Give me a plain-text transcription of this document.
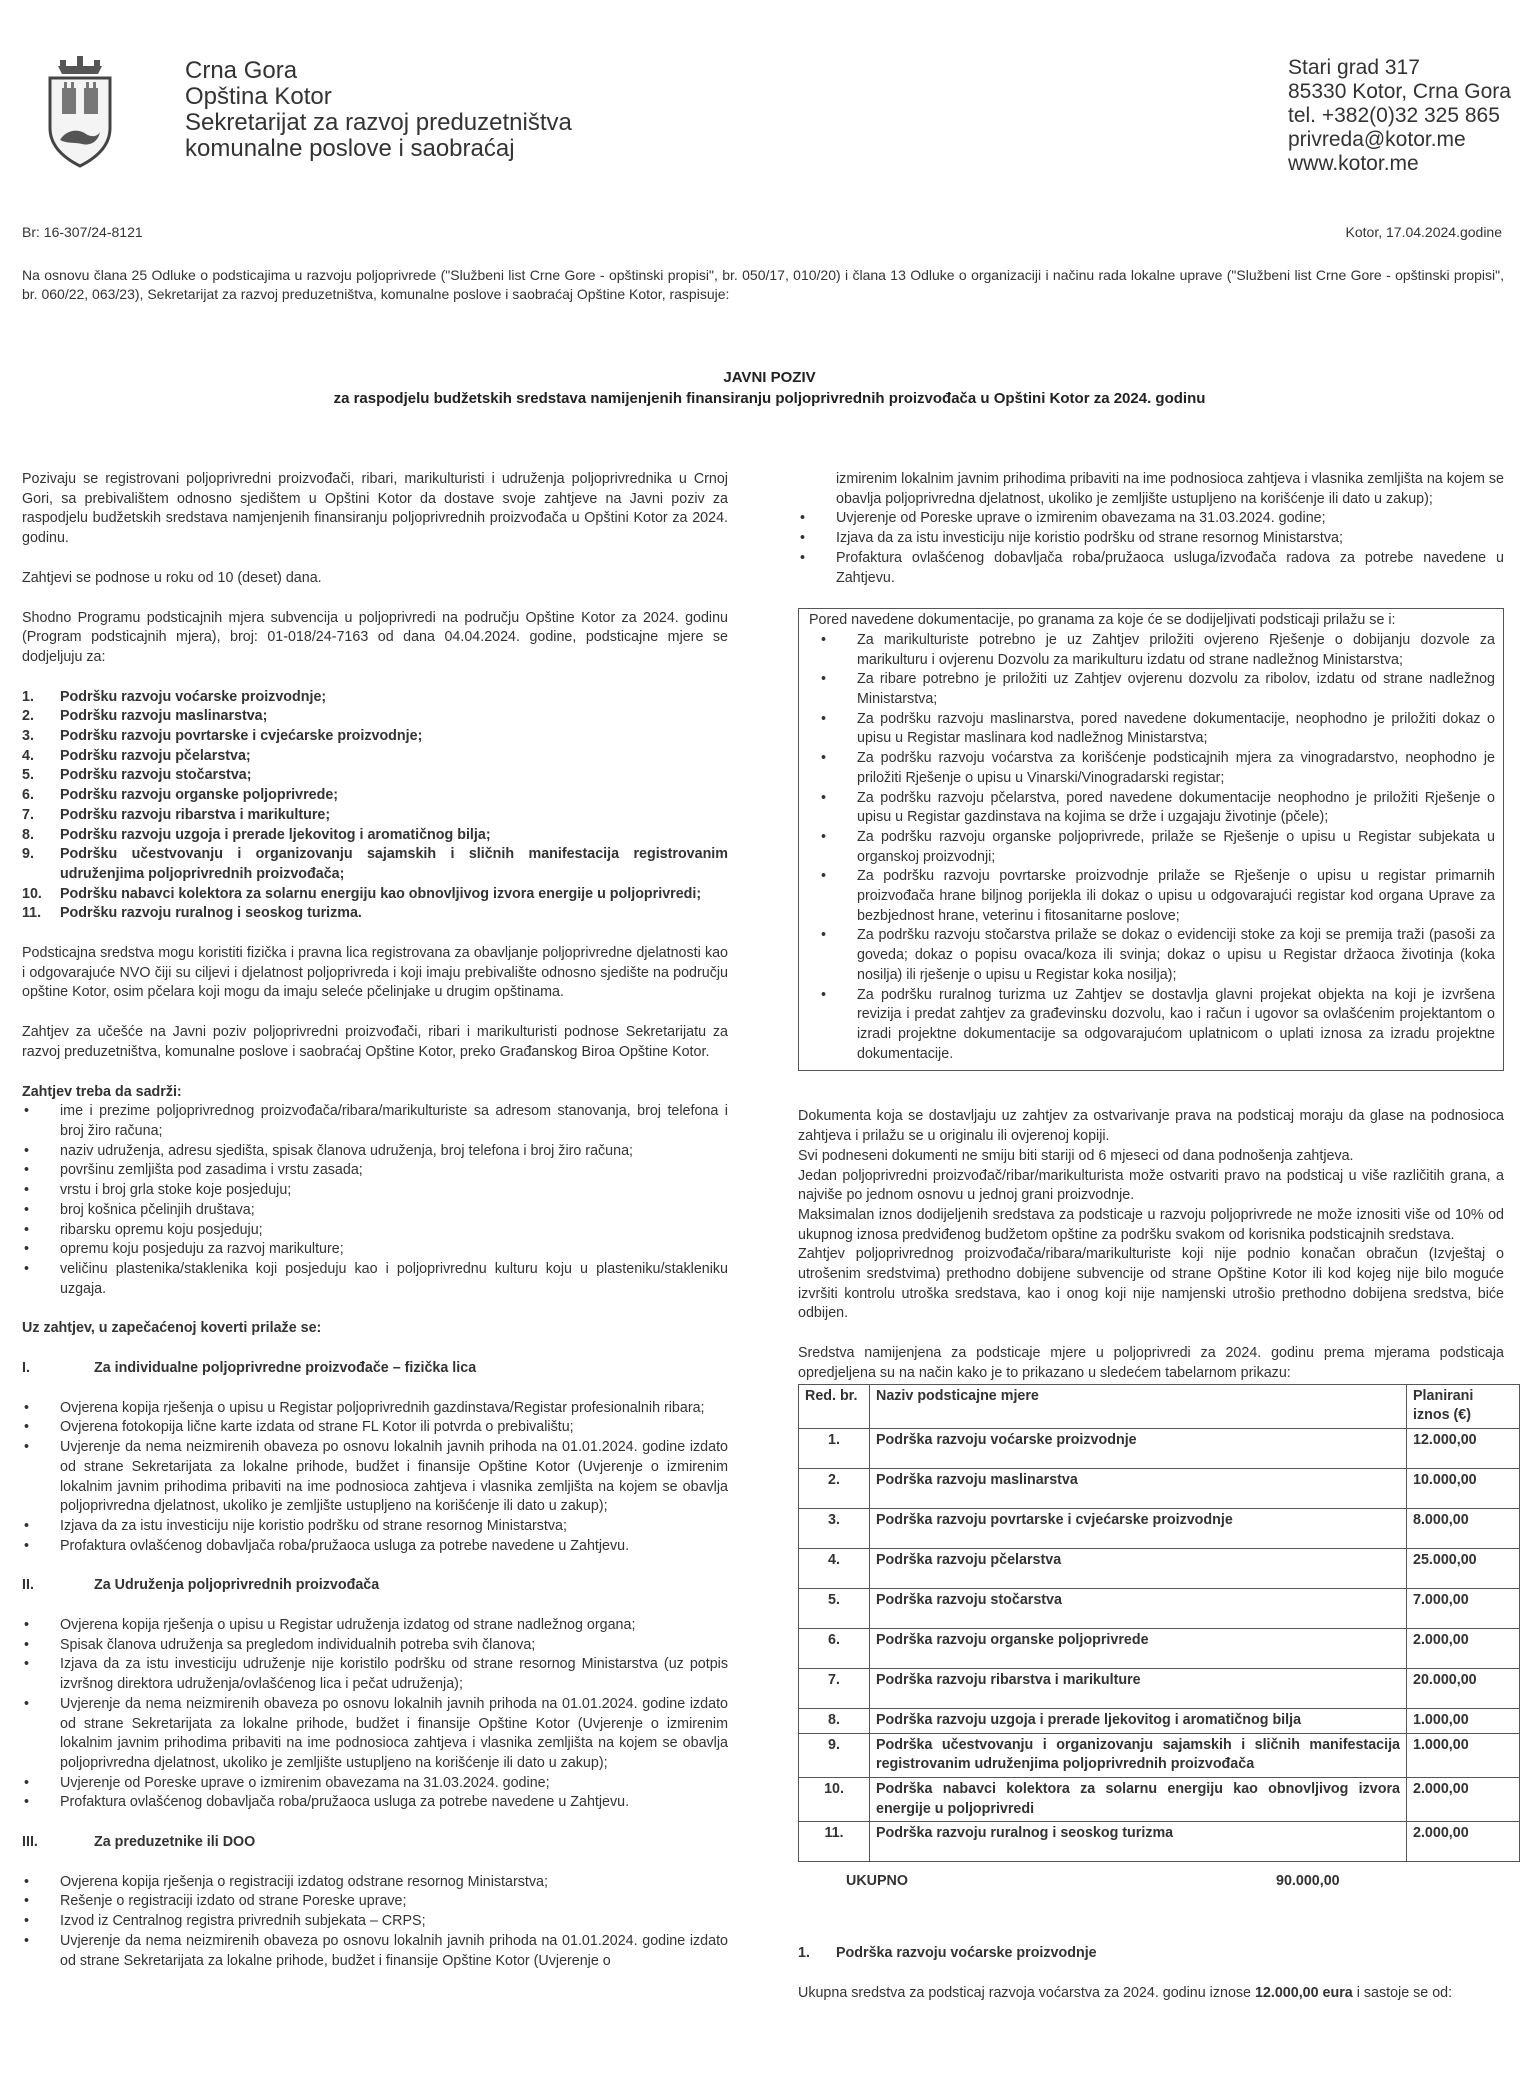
Crna Gora
Opština Kotor
Sekretarijat za razvoj preduzetništva
komunalne poslove i saobraćaj
Stari grad 317
85330 Kotor, Crna Gora
tel. +382(0)32 325 865
privreda@kotor.me
www.kotor.me
Br: 16-307/24-8121	Kotor, 17.04.2024.godine
Na osnovu člana 25 Odluke o podsticajima u razvoju poljoprivrede ("Službeni list Crne Gore - opštinski propisi", br. 050/17, 010/20) i člana 13 Odluke o organizaciji i načinu rada lokalne uprave ("Službeni list Crne Gore - opštinski propisi", br. 060/22, 063/23), Sekretarijat za razvoj preduzetništva, komunalne poslove i saobraćaj Opštine Kotor, raspisuje:
JAVNI POZIV
za raspodjelu budžetskih sredstava namijenjenih finansiranju poljoprivrednih proizvođača u Opštini Kotor za 2024. godinu

Pozivaju se registrovani poljoprivredni proizvođači, ribari, marikulturisti i udruženja poljoprivrednika u Crnoj Gori, sa prebivalištem odnosno sjedištem u Opštini Kotor da dostave svoje zahtjeve na Javni poziv za raspodjelu budžetskih sredstava namjenjenih finansiranju poljoprivrednih proizvođača u Opštini Kotor za 2024. godinu.

Zahtjevi se podnose u roku od 10 (deset) dana.

Shodno Programu podsticajnih mjera subvencija u poljoprivredi na području Opštine Kotor za 2024. godinu (Program podsticajnih mjera), broj: 01-018/24-7163 od dana 04.04.2024. godine, podsticajne mjere se dodjeljuju za:

1. Podršku razvoju voćarske proizvodnje;
2. Podršku razvoju maslinarstva;
3. Podršku razvoju povrtarske i cvjećarske proizvodnje;
4. Podršku razvoju pčelarstva;
5. Podršku razvoju stočarstva;
6. Podršku razvoju organske poljoprivrede;
7. Podršku razvoju ribarstva i marikulture;
8. Podršku razvoju uzgoja i prerade ljekovitog i aromatičnog bilja;
9. Podršku učestvovanju i organizovanju sajamskih i sličnih manifestacija registrovanim udruženjima poljoprivrednih proizvođača;
10. Podršku nabavci kolektora za solarnu energiju kao obnovljivog izvora energije u poljoprivredi;
11. Podršku razvoju ruralnog i seoskog turizma.

Podsticajna sredstva mogu koristiti fizička i pravna lica registrovana za obavljanje poljoprivredne djelatnosti kao i odgovarajuće NVO čiji su ciljevi i djelatnost poljoprivreda i koji imaju prebivalište odnosno sjedište na području opštine Kotor, osim pčelara koji mogu da imaju seleće pčelinjake u drugim opštinama.

Zahtjev za učešće na Javni poziv poljoprivredni proizvođači, ribari i marikulturisti podnose Sekretarijatu za razvoj preduzetništva, komunalne poslove i saobraćaj Opštine Kotor, preko Građanskog Biroa Opštine Kotor.

Zahtjev treba da sadrži:

• ime i prezime poljoprivrednog proizvođača/ribara/marikulturiste sa adresom stanovanja, broj telefona i broj žiro računa;
• naziv udruženja, adresu sjedišta, spisak članova udruženja, broj telefona i broj žiro računa;
• površinu zemljišta pod zasadima i vrstu zasada;
• vrstu i broj grla stoke koje posjeduju;
• broj košnica pčelinjih društava;
• ribarsku opremu koju posjeduju;
• opremu koju posjeduju za razvoj marikulture;
• veličinu plastenika/staklenika koji posjeduju kao i poljoprivrednu kulturu koju u plasteniku/stakleniku uzgaja.

Uz zahtjev, u zapečaćenoj koverti prilaže se:

I.	Za individualne poljoprivredne proizvođače – fizička lica
• Ovjerena kopija rješenja o upisu u Registar poljoprivrednih gazdinstava/Registar profesionalnih ribara;
• Ovjerena fotokopija lične karte izdata od strane FL Kotor ili potvrda o prebivalištu;
• Uvjerenje da nema neizmirenih obaveza po osnovu lokalnih javnih prihoda na 01.01.2024. godine izdato od strane Sekretarijata za lokalne prihode, budžet i finansije Opštine Kotor (Uvjerenje o izmirenim lokalnim javnim prihodima pribaviti na ime podnosioca zahtjeva i vlasnika zemljišta na kojem se obavlja poljoprivredna djelatnost, ukoliko je zemljište ustupljeno na korišćenje ili dato u zakup);
• Izjava da za istu investiciju nije koristio podršku od strane resornog Ministarstva;
• Profaktura ovlašćenog dobavljača roba/pružaoca usluga za potrebe navedene u Zahtjevu.
II.	Za Udruženja poljoprivrednih proizvođača
• Ovjerena kopija rješenja o upisu u Registar udruženja izdatog od strane nadležnog organa;
• Spisak članova udruženja sa pregledom individualnih potreba svih članova;
• Izjava da za istu investiciju udruženje nije koristilo podršku od strane resornog Ministarstva (uz potpis izvršnog direktora udruženja/ovlašćenog lica i pečat udruženja);
• Uvjerenje da nema neizmirenih obaveza po osnovu lokalnih javnih prihoda na 01.01.2024. godine izdato od strane Sekretarijata za lokalne prihode, budžet i finansije Opštine Kotor (Uvjerenje o izmirenim lokalnim javnim prihodima pribaviti na ime podnosioca zahtjeva i vlasnika zemljišta na kojem se obavlja poljoprivredna djelatnost, ukoliko je zemljište ustupljeno na korišćenje ili dato u zakup);
• Uvjerenje od Poreske uprave o izmirenim obavezama na 31.03.2024. godine;
• Profaktura ovlašćenog dobavljača roba/pružaoca usluga za potrebe navedene u Zahtjevu.
III.	Za preduzetnike ili DOO
• Ovjerena kopija rješenja o registraciji izdatog odstrane resornog Ministarstva;
• Rešenje o registraciji izdato od strane Poreske uprave;
• Izvod iz Centralnog registra privrednih subjekata – CRPS;
• Uvjerenje da nema neizmirenih obaveza po osnovu lokalnih javnih prihoda na 01.01.2024. godine izdato od strane Sekretarijata za lokalne prihode, budžet i finansije Opštine Kotor (Uvjerenje o

izmirenim lokalnim javnim prihodima pribaviti na ime podnosioca zahtjeva i vlasnika zemljišta na kojem se obavlja poljoprivredna djelatnost, ukoliko je zemljište ustupljeno na korišćenje ili dato u zakup);

• Uvjerenje od Poreske uprave o izmirenim obavezama na 31.03.2024. godine;
• Izjava da za istu investiciju nije koristio podršku od strane resornog Ministarstva;
• Profaktura ovlašćenog dobavljača roba/pružaoca usluga/izvođača radova za potrebe navedene u Zahtjevu.

Pored navedene dokumentacije, po granama za koje će se dodijeljivati podsticaji prilažu se i:

• Za marikulturiste potrebno je uz Zahtjev priložiti ovjereno Rješenje o dobijanju dozvole za marikulturu i ovjerenu Dozvolu za marikulturu izdatu od strane nadležnog Ministarstva;
• Za ribare potrebno je priložiti uz Zahtjev ovjerenu dozvolu za ribolov, izdatu od strane nadležnog Ministarstva;
• Za podršku razvoju maslinarstva, pored navedene dokumentacije, neophodno je priložiti dokaz o upisu u Registar maslinara kod nadležnog Ministarstva;
• Za podršku razvoju voćarstva za korišćenje podsticajnih mjera za vinogradarstvo, neophodno je priložiti Rješenje o upisu u Vinarski/Vinogradarski registar;
• Za podršku razvoju pčelarstva, pored navedene dokumentacije neophodno je priložiti Rješenje o upisu u Registar gazdinstava na kojima se drže i uzgajaju životinje (pčele);
• Za podršku razvoju organske poljoprivrede, prilaže se Rješenje o upisu u Registar subjekata u organskoj proizvodnji;
• Za podršku razvoju povrtarske proizvodnje prilaže se Rješenje o upisu u registar primarnih proizvođača hrane biljnog porijekla ili dokaz o upisu u odgovarajući registar kod organa Uprave za bezbjednost hrane, veterinu i fitosanitarne poslove;
• Za podršku razvoju stočarstva prilaže se dokaz o evidenciji stoke za koji se premija traži (pasoši za goveda; dokaz o popisu ovaca/koza ili svinja; dokaz o upisu u Registar držaoca životinja (koka nosilja) ili rješenje o upisu u Registar koka nosilja);
• Za podršku ruralnog turizma uz Zahtjev se dostavlja glavni projekat objekta na koji je izvršena revizija i predat zahtjev za građevinsku dozvolu, kao i račun i ugovor sa ovlašćenim projektantom o izradi projektne dokumentacije sa odgovarajućom uplatnicom o uplati iznosa za izradu projektne dokumentacije.

Dokumenta koja se dostavljaju uz zahtjev za ostvarivanje prava na podsticaj moraju da glase na podnosioca zahtjeva i prilažu se u originalu ili ovjerenoj kopiji.
Svi podneseni dokumenti ne smiju biti stariji od 6 mjeseci od dana podnošenja zahtjeva.
Jedan poljoprivredni proizvođač/ribar/marikulturista može ostvariti pravo na podsticaj u više različitih grana, a najviše po jednom osnovu u jednoj grani proizvodnje.
Maksimalan iznos dodijeljenih sredstava za podsticaje u razvoju poljoprivrede ne može iznositi više od 10% od ukupnog iznosa predviđenog budžetom opštine za podršku svakom od korisnika podsticajnih sredstava.
Zahtjev poljoprivrednog proizvođača/ribara/marikulturiste koji nije podnio konačan obračun (Izvještaj o utrošenim sredstvima) prethodno dobijene subvencije od strane Opštine Kotor ili kod kojeg nije bilo moguće izvršiti kontrolu utroška sredstava, kao i onog koji nije namjenski utrošio prethodno dobijena sredstva, biće odbijen.

Sredstva namijenjena za podsticaje mjere u poljoprivredi za 2024. godinu prema mjerama podsticaja opredjeljena su na način kako je to prikazano u sledećem tabelarnom prikazu:

Red. br.	Naziv podsticajne mjere	Planirani iznos (€)
1.	Podrška razvoju voćarske proizvodnje	12.000,00
2.	Podrška razvoju maslinarstva	10.000,00
3.	Podrška razvoju povrtarske i cvjećarske proizvodnje	8.000,00
4.	Podrška razvoju pčelarstva	25.000,00
5.	Podrška razvoju stočarstva	7.000,00
6.	Podrška razvoju organske poljoprivrede	2.000,00
7.	Podrška razvoju ribarstva i marikulture	20.000,00
8.	Podrška razvoju uzgoja i prerade ljekovitog i aromatičnog bilja	1.000,00
9.	Podrška učestvovanju i organizovanju sajamskih i sličnih manifestacija registrovanim udruženjima poljoprivrednih proizvođača	1.000,00
10.	Podrška nabavci kolektora za solarnu energiju kao obnovljivog izvora energije u poljoprivredi	2.000,00
11.	Podrška razvoju ruralnog i seoskog turizma	2.000,00
UKUPNO	90.000,00
1.	Podrška razvoju voćarske proizvodnje

Ukupna sredstva za podsticaj razvoja voćarstva za 2024. godinu iznose 12.000,00 eura i sastoje se od:
